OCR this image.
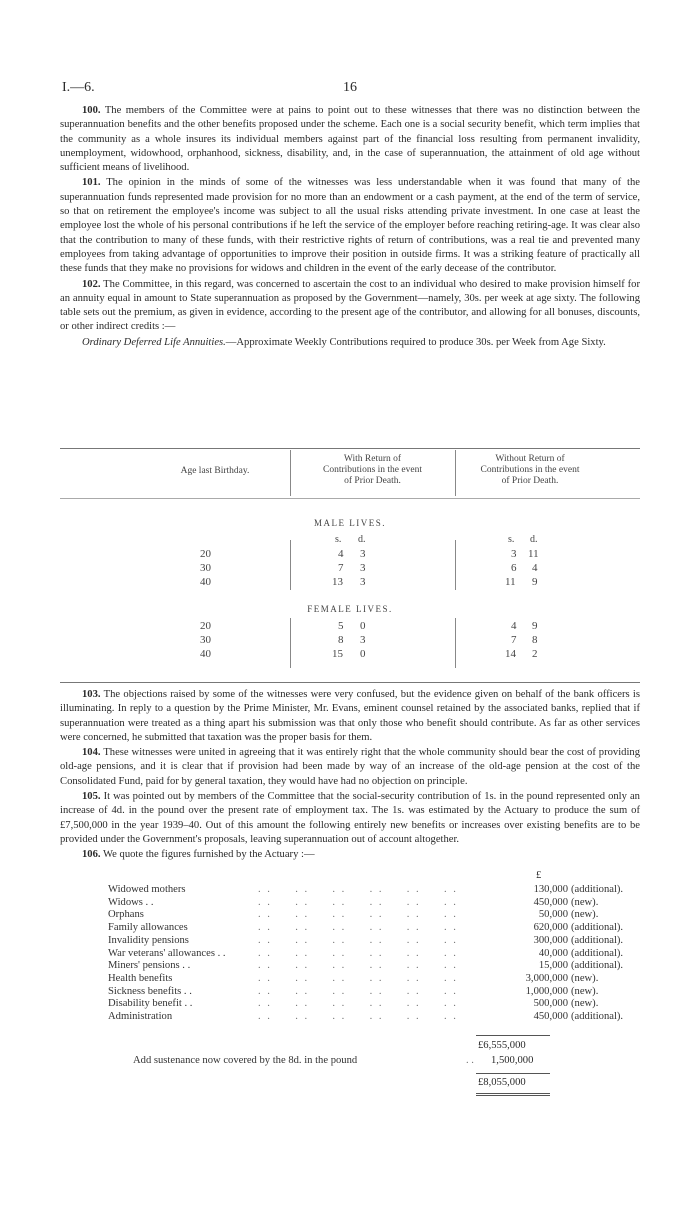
I.—6.	16

100. The members of the Committee were at pains to point out to these witnesses that there was no distinction between the superannuation benefits and the other benefits proposed under the scheme. Each one is a social security benefit, which term implies that the community as a whole insures its individual members against part of the financial loss resulting from permanent invalidity, unemployment, widowhood, orphanhood, sickness, disability, and, in the case of superannuation, the attainment of old age without sufficient means of livelihood.

101. The opinion in the minds of some of the witnesses was less understandable when it was found that many of the superannuation funds represented made provision for no more than an endowment or a cash payment, at the end of the term of service, so that on retirement the employee's income was subject to all the usual risks attending private investment. In one case at least the employee lost the whole of his personal contributions if he left the service of the employer before reaching retiring-age. It was clear also that the contribution to many of these funds, with their restrictive rights of return of contributions, was a real tie and prevented many employees from taking advantage of opportunities to improve their position in outside firms. It was a striking feature of practically all these funds that they make no provisions for widows and children in the event of the early decease of the contributor.

102. The Committee, in this regard, was concerned to ascertain the cost to an individual who desired to make provision himself for an annuity equal in amount to State superannuation as proposed by the Government—namely, 30s. per week at age sixty. The following table sets out the premium, as given in evidence, according to the present age of the contributor, and allowing for all bonuses, discounts, or other indirect credits :—

Ordinary Deferred Life Annuities.—Approximate Weekly Contributions required to produce 30s. per Week from Age Sixty.

Age last Birthday.
With Return of
Contributions in the event
of Prior Death.
Without Return of
Contributions in the event
of Prior Death.
MALE LIVES.
s. d.	s. d.
20	4 3	3 11
30	7 3	6 4
40	13 3	11 9
FEMALE LIVES.
20	5 0	4 9
30	8 3	7 8
40	15 0	14 2

103. The objections raised by some of the witnesses were very confused, but the evidence given on behalf of the bank officers is illuminating. In reply to a question by the Prime Minister, Mr. Evans, eminent counsel retained by the associated banks, replied that if superannuation were treated as a thing apart his submission was that only those who benefit should contribute. As far as other services were concerned, he submitted that taxation was the proper basis for them.

104. These witnesses were united in agreeing that it was entirely right that the whole community should bear the cost of providing old-age pensions, and it is clear that if provision had been made by way of an increase of the old-age pension at the cost of the Consolidated Fund, paid for by general taxation, they would have had no objection on principle.

105. It was pointed out by members of the Committee that the social-security contribution of 1s. in the pound represented only an increase of 4d. in the pound over the present rate of employment tax. The 1s. was estimated by the Actuary to produce the sum of £7,500,000 in the year 1939–40. Out of this amount the following entirely new benefits or increases over existing benefits are to be provided under the Government's proposals, leaving superannuation out of account altogether.

106. We quote the figures furnished by the Actuary :—

£
Widowed mothers	. .     . .     . .     . .     . .     . .	130,000 (additional).
Widows . .	. .     . .     . .     . .     . .     . .	450,000 (new).
Orphans	. .     . .     . .     . .     . .     . .	50,000 (new).
Family allowances	. .     . .     . .     . .     . .     . .	620,000 (additional).
Invalidity pensions	. .     . .     . .     . .     . .     . .	300,000 (additional).
War veterans' allowances . .	. .     . .     . .     . .     . .     . .	40,000 (additional).
Miners' pensions . .	. .     . .     . .     . .     . .     . .	15,000 (additional).
Health benefits	. .     . .     . .     . .     . .     . .	3,000,000 (new).
Sickness benefits . .	. .     . .     . .     . .     . .     . .	1,000,000 (new).
Disability benefit . .	. .     . .     . .     . .     . .     . .	500,000 (new).
Administration	. .     . .     . .     . .     . .     . .	450,000 (additional).
£6,555,000
Add sustenance now covered by the 8d. in the pound	. . 1,500,000
£8,055,000
